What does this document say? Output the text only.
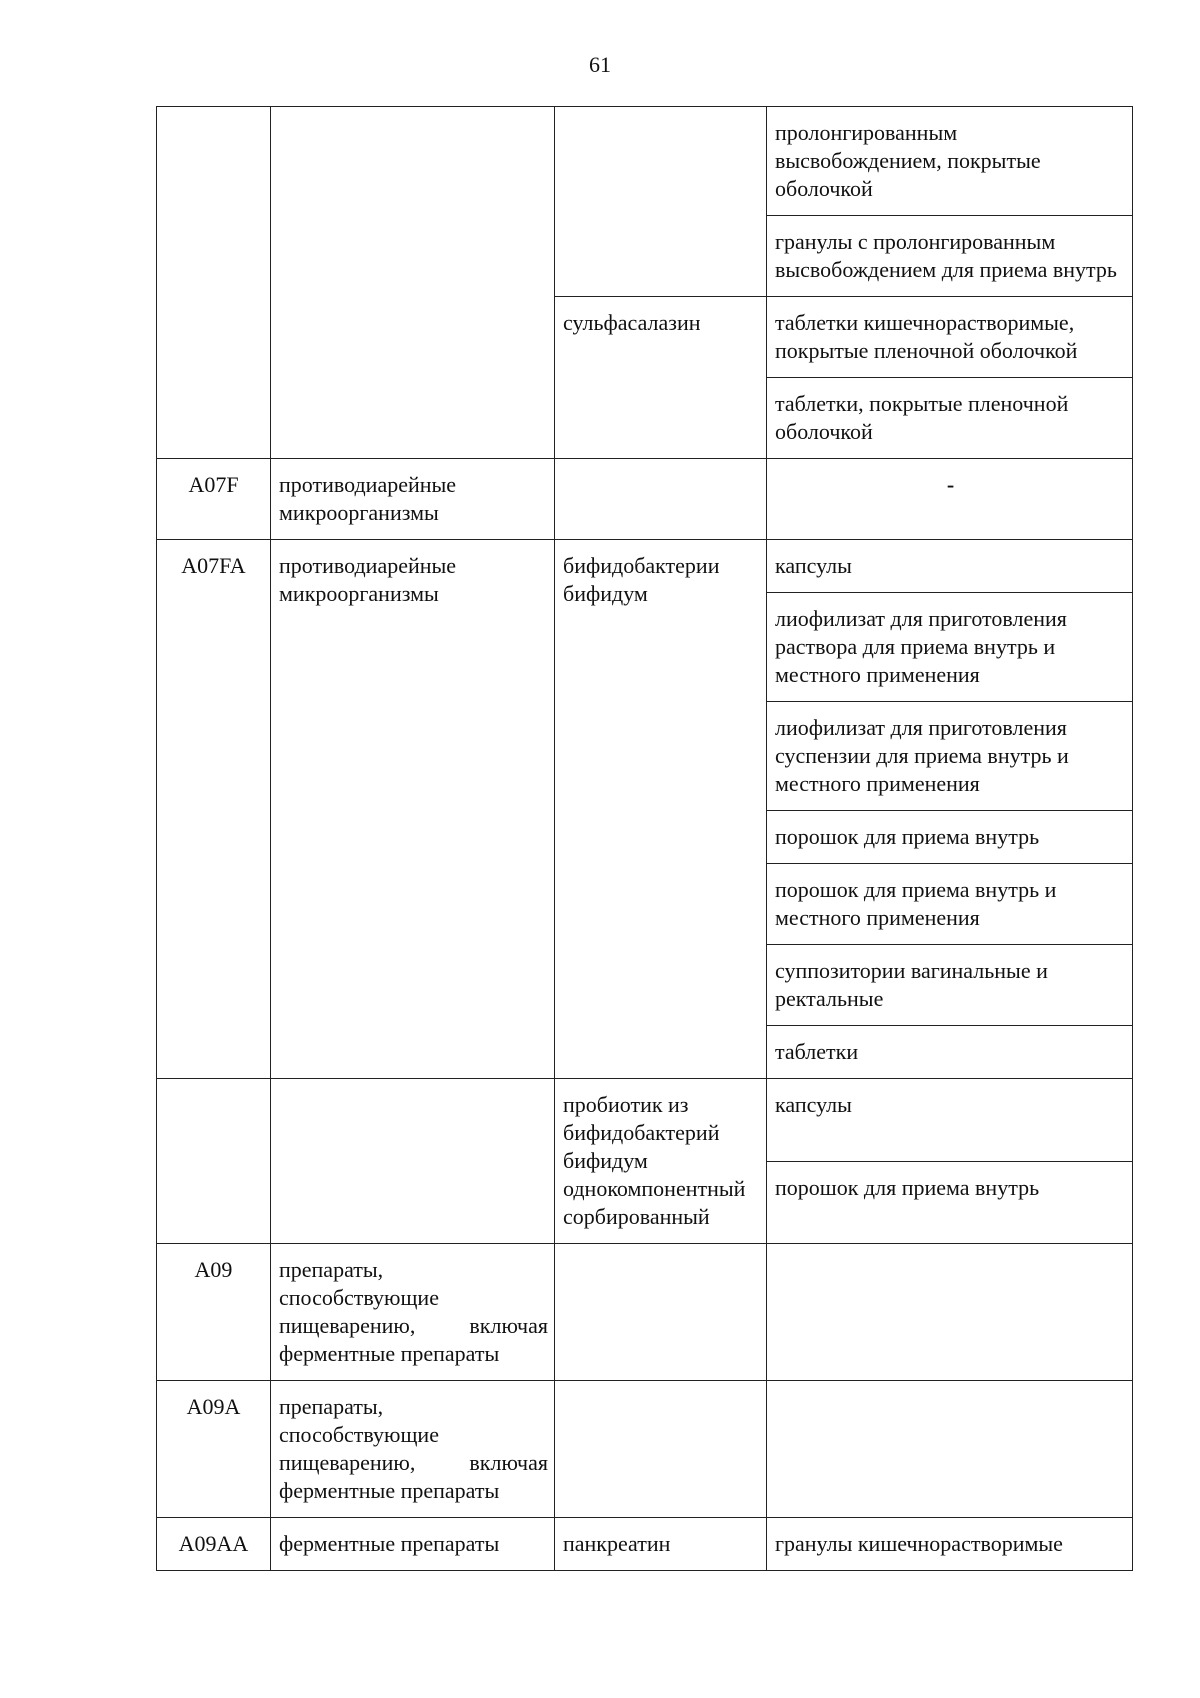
61
			пролонгированным высвобождением, покрытые оболочкой
			гранулы с пролонгированным высвобождением для приема внутрь
		сульфасалазин	таблетки кишечнорастворимые, покрытые пленочной оболочкой
			таблетки, покрытые пленочной оболочкой
A07F	противодиарейные микроорганизмы		-

A07FA	противодиарейные микроорганизмы	бифидобактерии бифидум	капсулы
			лиофилизат для приготовления раствора для приема внутрь и местного применения
			лиофилизат для приготовления суспензии для приема внутрь и местного применения
			порошок для приема внутрь
			порошок для приема внутрь и местного применения
			суппозитории вагинальные и ректальные
			таблетки

		пробиотик из
бифидобактерий
бифидум
однокомпонентный
сорбированный	капсулы
			порошок для приема внутрь
A09	препараты,
способствующие
пищеварению, включая
ферментные препараты		

A09A	препараты,
способствующие
пищеварению, включая
ферментные препараты		

A09AA	ферментные препараты	панкреатин	гранулы кишечнорастворимые
